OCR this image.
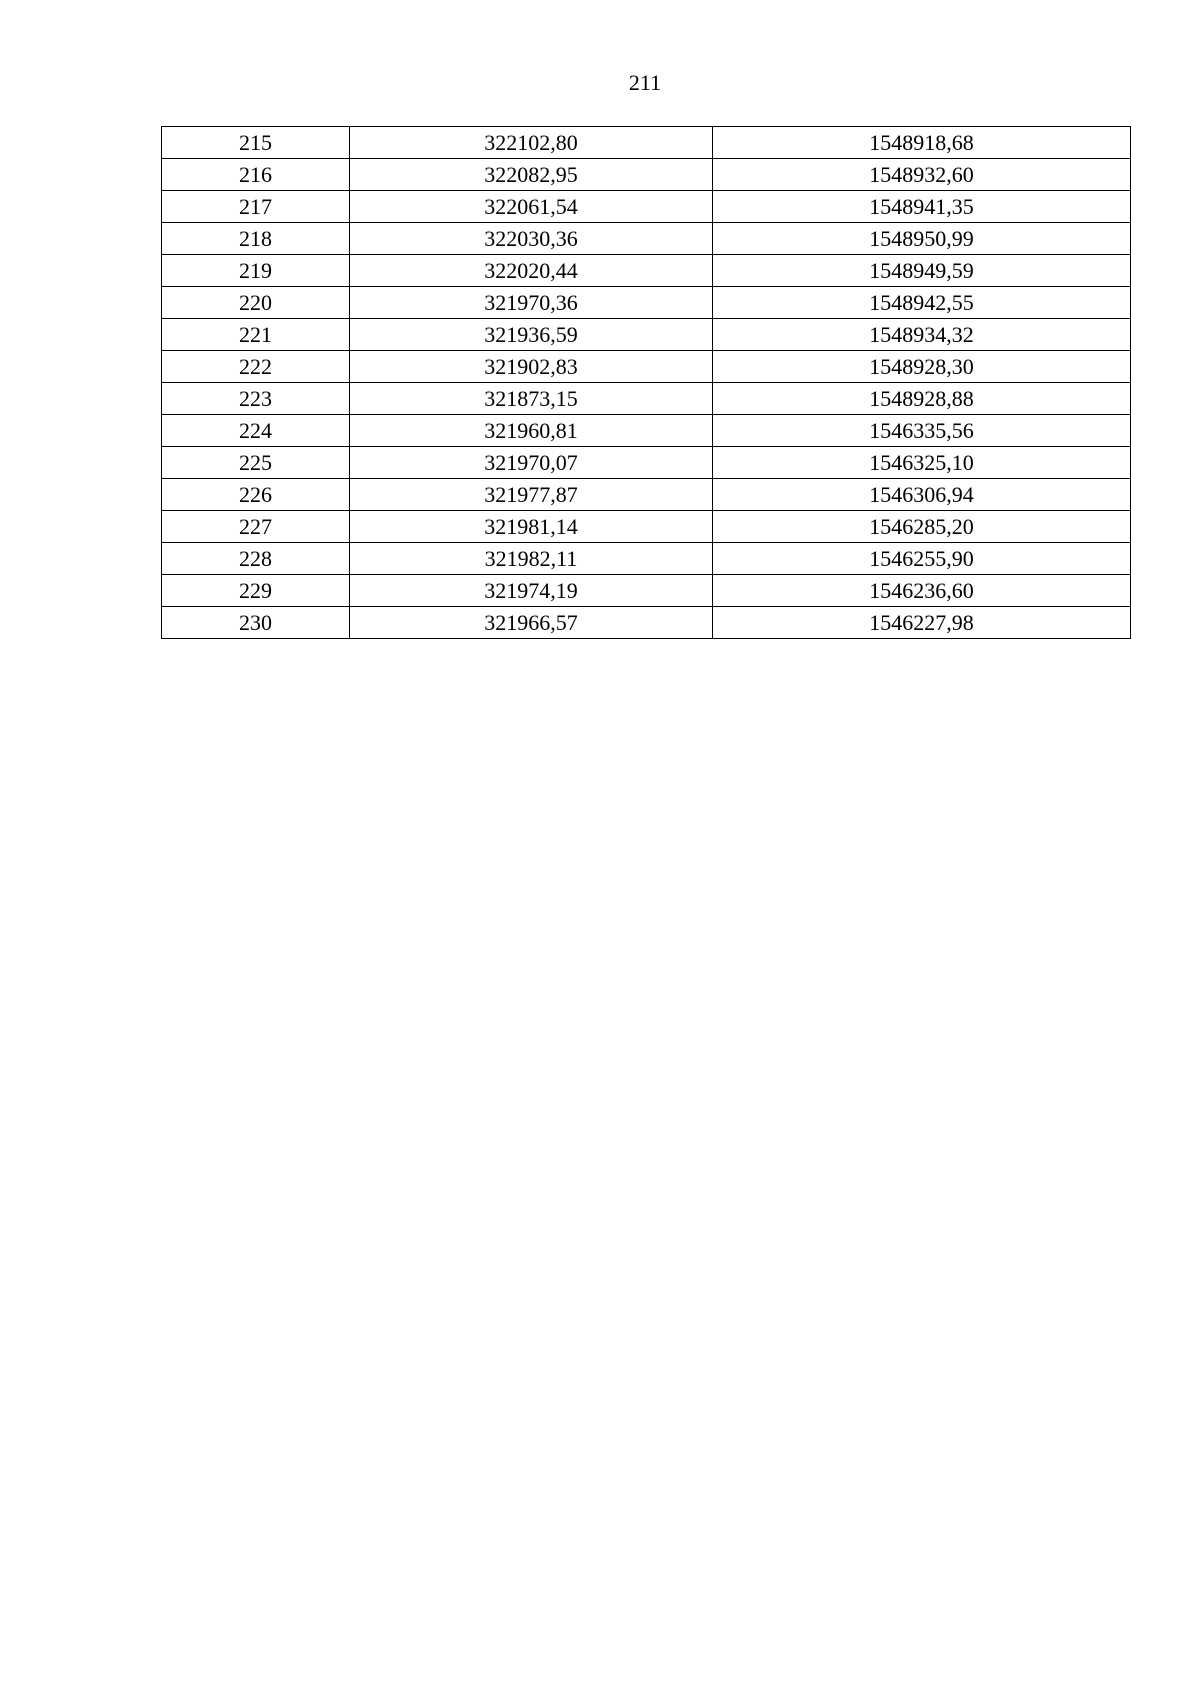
211
215	322102,80	1548918,68
216	322082,95	1548932,60
217	322061,54	1548941,35
218	322030,36	1548950,99
219	322020,44	1548949,59
220	321970,36	1548942,55
221	321936,59	1548934,32
222	321902,83	1548928,30
223	321873,15	1548928,88
224	321960,81	1546335,56
225	321970,07	1546325,10
226	321977,87	1546306,94
227	321981,14	1546285,20
228	321982,11	1546255,90
229	321974,19	1546236,60
230	321966,57	1546227,98
